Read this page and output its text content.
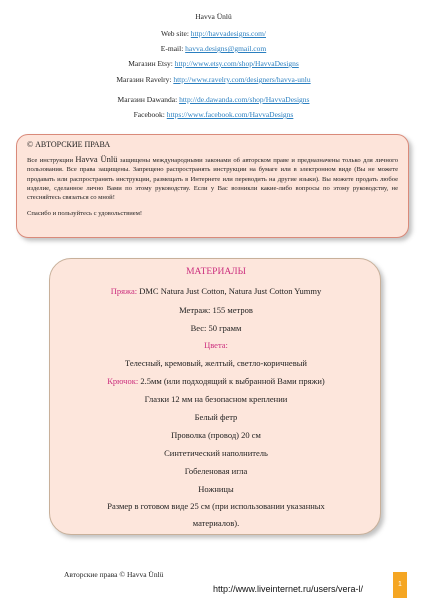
Havva Ünlü
Web site: http://havvadesigns.com/
E-mail: havva.designs@gmail.com
Магазин Etsy: http://www.etsy.com/shop/HavvaDesigns
Магазин Ravelry: http://www.ravelry.com/designers/havva-unlu
Магазин Dawanda: http://de.dawanda.com/shop/HavvaDesigns
Facebook: https://www.facebook.com/HavvaDesigns
© АВТОРСКИЕ ПРАВА
Все инструкции Havva Ünlü защищены международными законами об авторском праве и предназначены только для личного пользования. Все права защищены. Запрещено распространять инструкции на бумаге или в электронном виде (Вы не можете продавать или распространять инструкции, размещать в Интернете или переводить на другие языки). Вы можете продать любое изделие, сделанное лично Вами по этому руководству. Если у Вас возникли какие-либо вопросы по этому руководству, не стесняйтесь связаться со мной!
Спасибо и пользуйтесь с удовольствием!
МАТЕРИАЛЫ
Пряжа: DMC Natura Just Cotton, Natura Just Cotton Yummy
Метраж: 155 метров
Вес: 50 грамм
Цвета:
Телесный, кремовый, желтый, светло-коричневый
Крючок: 2.5мм (или подходящий к выбранной Вами пряжи)
Глазки 12 мм на безопасном креплении
Белый фетр
Проволка (провод) 20 см
Синтетический наполнитель
Гобеленовая игла
Ножницы
Размер в готовом виде 25 см (при использовании указанных
материалов).
Авторские права © Havva Ünlü
http://www.liveinternet.ru/users/vera-l/	1
